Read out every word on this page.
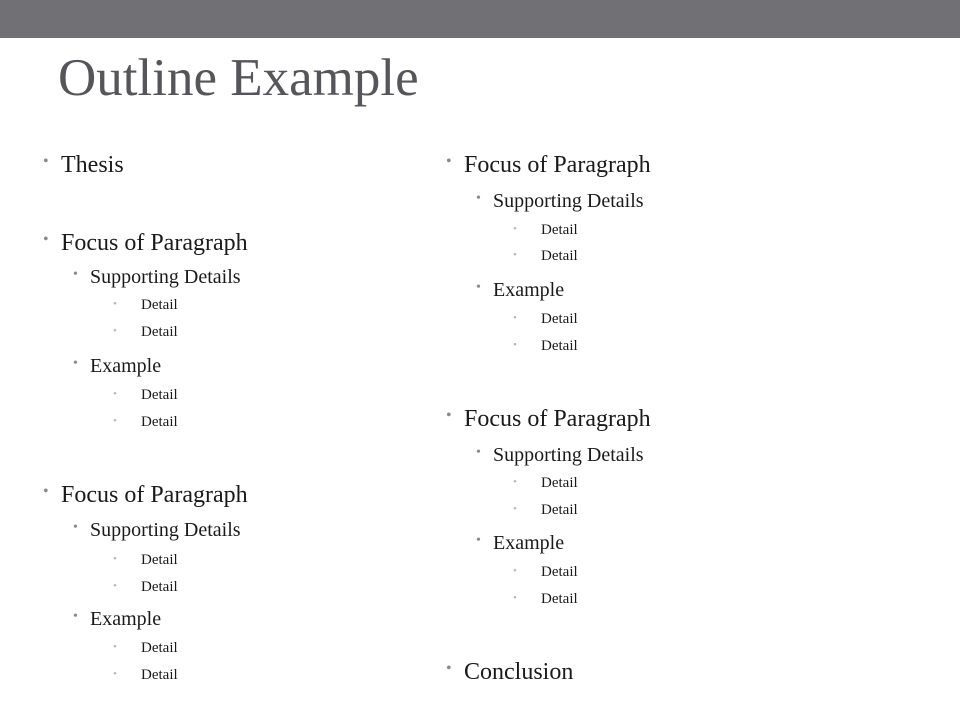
Outline Example
• Thesis
• Focus of Paragraph
• Supporting Details
• Detail
• Detail
• Example
• Detail
• Detail
• Focus of Paragraph
• Supporting Details
• Detail
• Detail
• Example
• Detail
• Detail
• Focus of Paragraph
• Supporting Details
• Detail
• Detail
• Example
• Detail
• Detail
• Focus of Paragraph
• Supporting Details
• Detail
• Detail
• Example
• Detail
• Detail
• Conclusion
